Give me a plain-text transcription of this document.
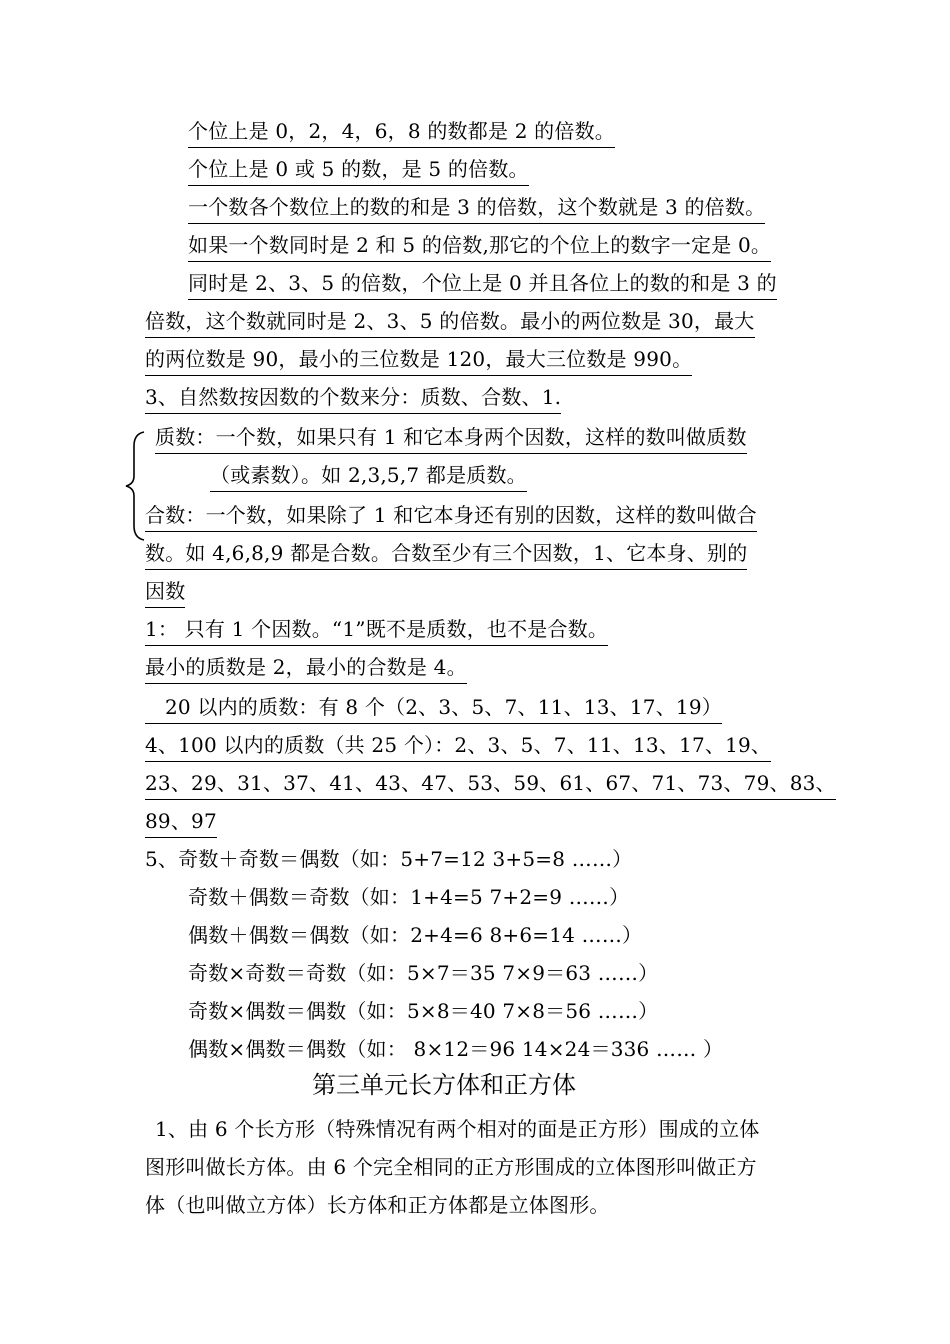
个位上是 0，2，4，6，8 的数都是 2 的倍数。
个位上是 0 或 5 的数，是 5 的倍数。
一个数各个数位上的数的和是 3 的倍数，这个数就是 3 的倍数。
如果一个数同时是 2 和 5 的倍数,那它的个位上的数字一定是 0。
同时是 2、3、5 的倍数，个位上是 0 并且各位上的数的和是 3 的
倍数，这个数就同时是 2、3、5 的倍数。最小的两位数是 30，最大
的两位数是 90，最小的三位数是 120，最大三位数是 990。
3、自然数按因数的个数来分：质数、合数、1.
质数：一个数，如果只有 1 和它本身两个因数，这样的数叫做质数
（或素数）。如 2,3,5,7 都是质数。
合数：一个数，如果除了 1 和它本身还有别的因数，这样的数叫做合
数。如 4,6,8,9 都是合数。合数至少有三个因数，1、它本身、别的
因数
1： 只有 1 个因数。“1”既不是质数，也不是合数。
最小的质数是 2，最小的合数是 4。
20 以内的质数：有 8 个（2、3、5、7、11、13、17、19）
4、100 以内的质数（共 25 个）：2、3、5、7、11、13、17、19、
23、29、31、37、41、43、47、53、59、61、67、71、73、79、83、
89、97
5、奇数＋奇数＝偶数（如：5+7=12 3+5=8 ……）
奇数＋偶数＝奇数（如：1+4=5 7+2=9 ……）
偶数＋偶数＝偶数（如：2+4=6 8+6=14 ……）
奇数×奇数＝奇数（如：5×7＝35 7×9＝63 ……）
奇数×偶数＝偶数（如：5×8＝40 7×8＝56 ……）
偶数×偶数＝偶数（如： 8×12＝96 14×24＝336 …… ）
第三单元长方体和正方体
1、由 6 个长方形（特殊情况有两个相对的面是正方形）围成的立体
图形叫做长方体。由 6 个完全相同的正方形围成的立体图形叫做正方
体（也叫做立方体）长方体和正方体都是立体图形。
